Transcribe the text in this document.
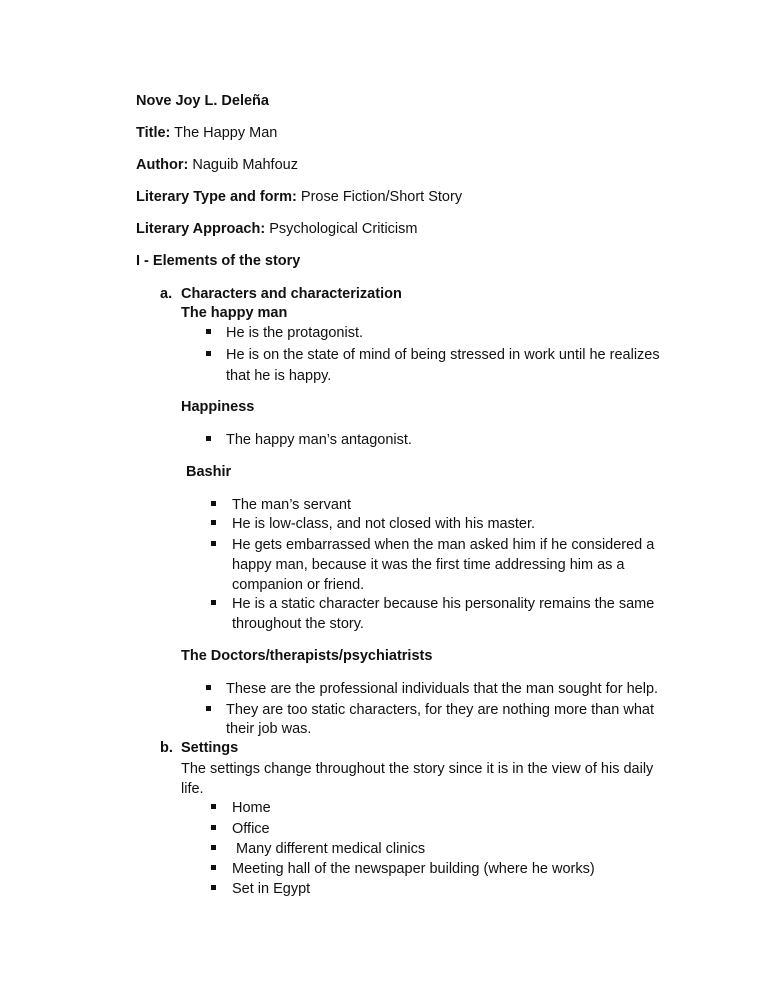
Nove Joy L. Deleña
Title: The Happy Man
Author: Naguib Mahfouz
Literary Type and form: Prose Fiction/Short Story
Literary Approach: Psychological Criticism
I - Elements of the story
a. Characters and characterization
The happy man
He is the protagonist.
He is on the state of mind of being stressed in work until he realizes
that he is happy.
Happiness
The happy man’s antagonist.
Bashir
The man’s servant
He is low-class, and not closed with his master.
He gets embarrassed when the man asked him if he considered a
happy man, because it was the first time addressing him as a
companion or friend.
He is a static character because his personality remains the same
throughout the story.
The Doctors/therapists/psychiatrists
These are the professional individuals that the man sought for help.
They are too static characters, for they are nothing more than what
their job was.
b. Settings
The settings change throughout the story since it is in the view of his daily
life.
Home
Office
Many different medical clinics
Meeting hall of the newspaper building (where he works)
Set in Egypt
